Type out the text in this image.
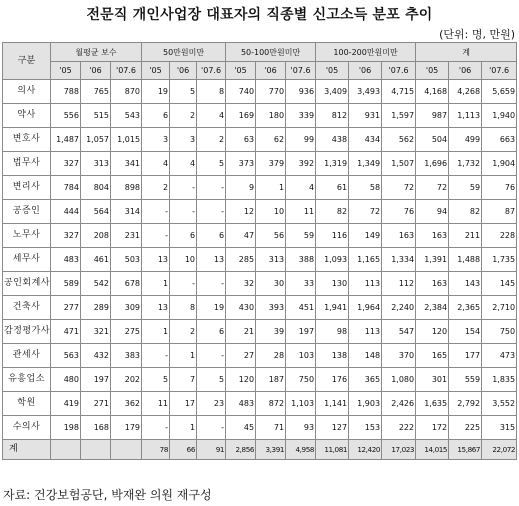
전문직 개인사업장 대표자의 직종별 신고소득 분포 추이
(단위: 명, 만원)
구분	월평균 보수			50만원미만			50-100만원미만			100-200만원미만			계		
	'05	'06	'07.6	'05	'06	'07.6	'05	'06	'07.6	'05	'06	'07.6	'05	'06	'07.6
의사	788	765	870	19	5	8	740	770	936	3,409	3,493	4,715	4,168	4,268	5,659
약사	556	515	543	6	2	4	169	180	339	812	931	1,597	987	1,113	1,940
변호사	1,487	1,057	1,015	3	3	2	63	62	99	438	434	562	504	499	663
법무사	327	313	341	4	4	5	373	379	392	1,319	1,349	1,507	1,696	1,732	1,904
변리사	784	804	898	2	-	-	9	1	4	61	58	72	72	59	76
공증인	444	564	314	-	-	-	12	10	11	82	72	76	94	82	87
노무사	327	208	231	-	6	6	47	56	59	116	149	163	163	211	228
세무사	483	461	503	13	10	13	285	313	388	1,093	1,165	1,334	1,391	1,488	1,735
공인회계사	589	542	678	1	-	-	32	30	33	130	113	112	163	143	145
건축사	277	289	309	13	8	19	430	393	451	1,941	1,964	2,240	2,384	2,365	2,710
감정평가사	471	321	275	1	2	6	21	39	197	98	113	547	120	154	750
관세사	563	432	383	-	1	-	27	28	103	138	148	370	165	177	473
유흥업소	480	197	202	5	7	5	120	187	750	176	365	1,080	301	559	1,835
학원	419	271	362	11	17	23	483	872	1,103	1,141	1,903	2,426	1,635	2,792	3,552
수의사	198	168	179	-	1	-	45	71	93	127	153	222	172	225	315
계				78	66	91	2,856	3,391	4,958	11,081	12,420	17,023	14,015	15,867	22,072
자료: 건강보험공단, 박재완 의원 재구성
